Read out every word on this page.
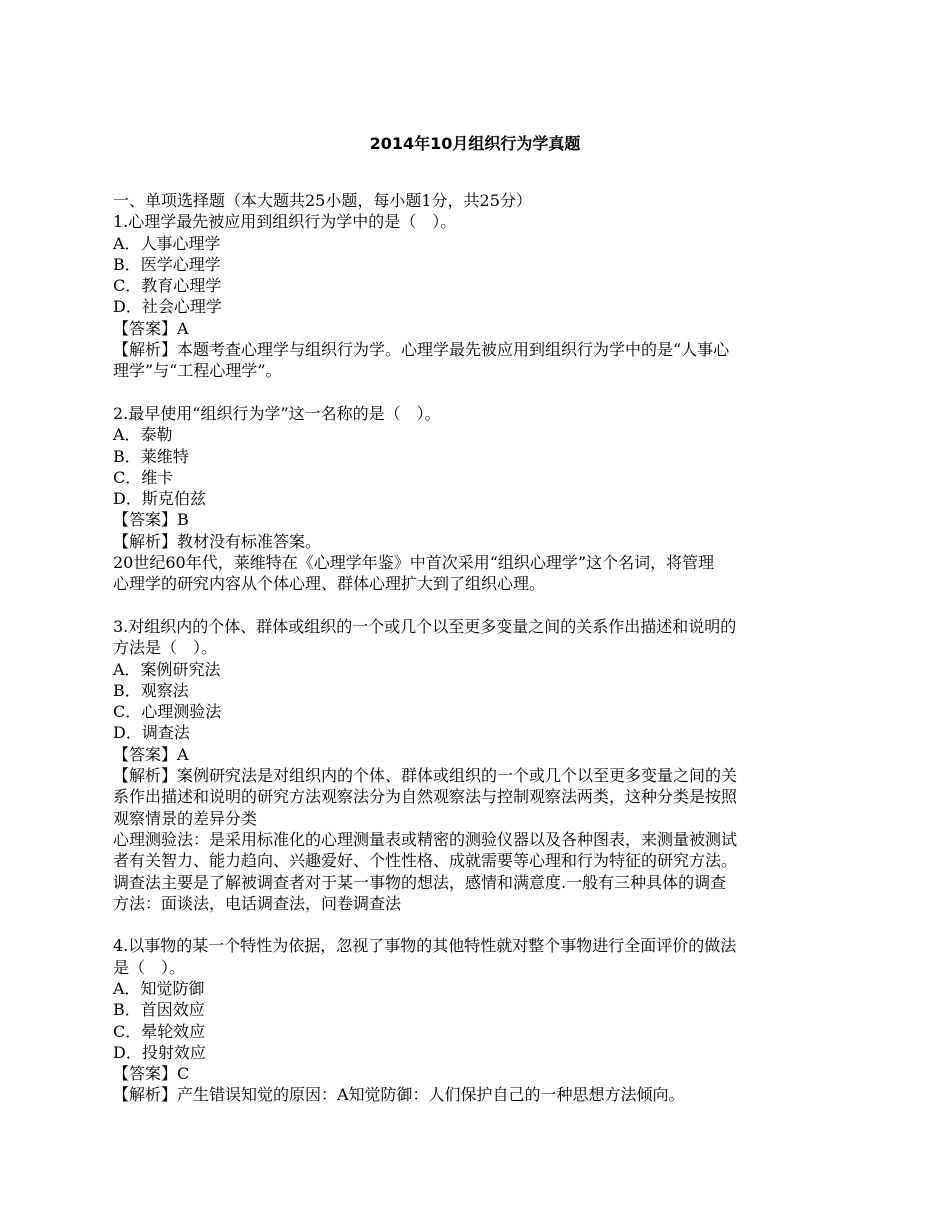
2014年10月组织行为学真题
一、单项选择题（本大题共25小题，每小题1分，共25分）
1.心理学最先被应用到组织行为学中的是（　）。
A．人事心理学
B．医学心理学
C．教育心理学
D．社会心理学
【答案】A
【解析】本题考查心理学与组织行为学。心理学最先被应用到组织行为学中的是“人事心
理学”与“工程心理学”。
2.最早使用“组织行为学”这一名称的是（　）。
A．泰勒
B．莱维特
C．维卡
D．斯克伯兹
【答案】B
【解析】教材没有标准答案。
20世纪60年代，莱维特在《心理学年鉴》中首次采用“组织心理学”这个名词，将管理
心理学的研究内容从个体心理、群体心理扩大到了组织心理。
3.对组织内的个体、群体或组织的一个或几个以至更多变量之间的关系作出描述和说明的
方法是（　）。
A．案例研究法
B．观察法
C．心理测验法
D．调查法
【答案】A
【解析】案例研究法是对组织内的个体、群体或组织的一个或几个以至更多变量之间的关
系作出描述和说明的研究方法观察法分为自然观察法与控制观察法两类，这种分类是按照
观察情景的差异分类
心理测验法：是采用标准化的心理测量表或精密的测验仪器以及各种图表，来测量被测试
者有关智力、能力趋向、兴趣爱好、个性性格、成就需要等心理和行为特征的研究方法。
调查法主要是了解被调查者对于某一事物的想法，感情和满意度.一般有三种具体的调查
方法：面谈法，电话调查法，问卷调查法
4.以事物的某一个特性为依据，忽视了事物的其他特性就对整个事物进行全面评价的做法
是（　）。
A．知觉防御
B．首因效应
C．晕轮效应
D．投射效应
【答案】C
【解析】产生错误知觉的原因：A知觉防御：人们保护自己的一种思想方法倾向。
